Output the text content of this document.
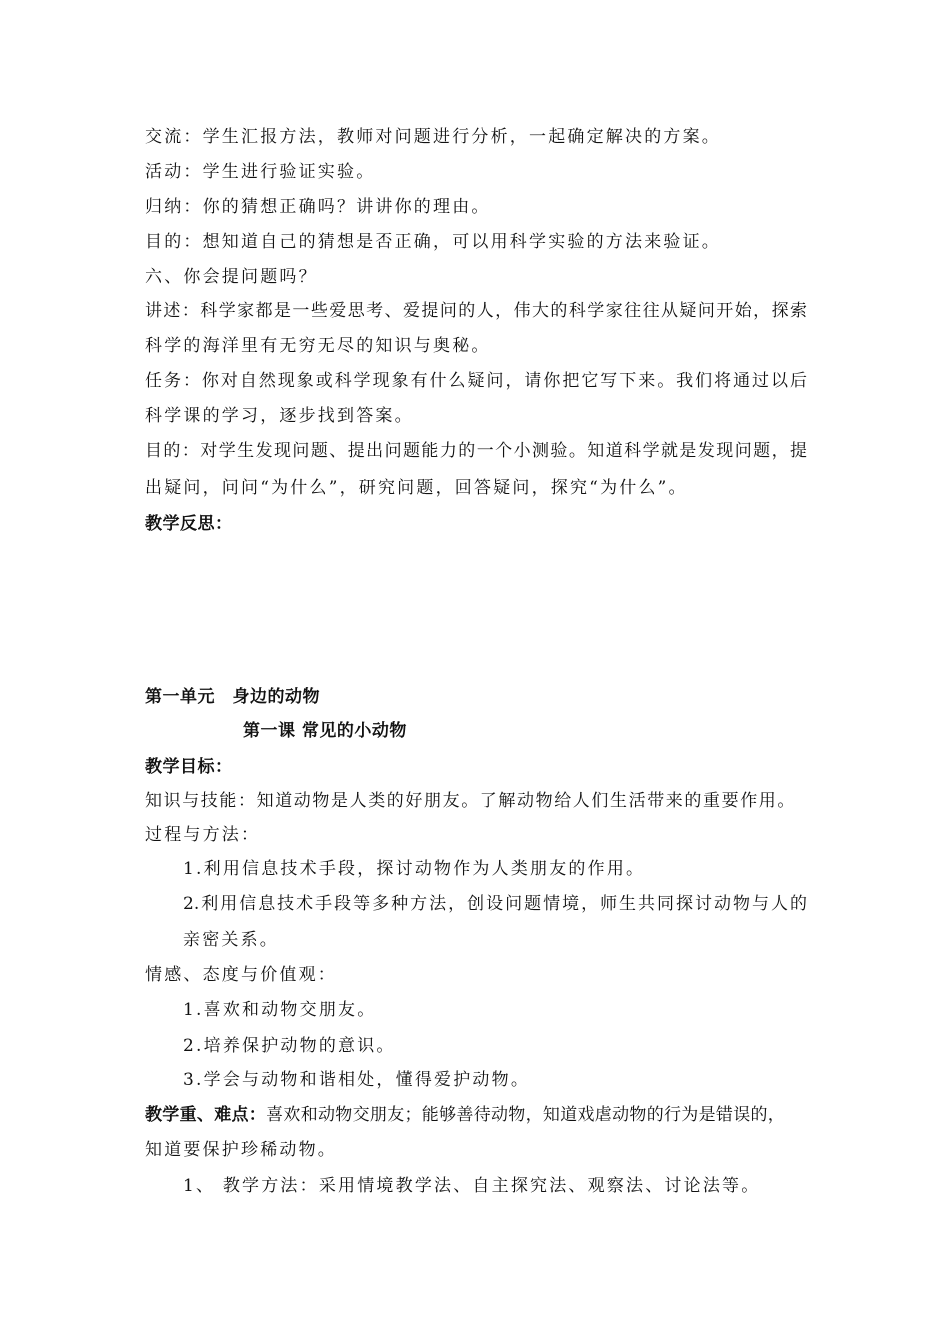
交流：学生汇报方法，教师对问题进行分析，一起确定解决的方案。
活动：学生进行验证实验。
归纳：你的猜想正确吗？讲讲你的理由。
目的：想知道自己的猜想是否正确，可以用科学实验的方法来验证。
六、你会提问题吗？
讲述：科学家都是一些爱思考、爱提问的人，伟大的科学家往往从疑问开始，探索
科学的海洋里有无穷无尽的知识与奥秘。
任务：你对自然现象或科学现象有什么疑问，请你把它写下来。我们将通过以后
科学课的学习，逐步找到答案。
目的：对学生发现问题、提出问题能力的一个小测验。知道科学就是发现问题，提
出疑问，问问“为什么”，研究问题，回答疑问，探究“为什么”。
教学反思：
第一单元　身边的动物
第一课 常见的小动物
教学目标：
知识与技能：知道动物是人类的好朋友。了解动物给人们生活带来的重要作用。
过程与方法：
1.利用信息技术手段，探讨动物作为人类朋友的作用。
2.利用信息技术手段等多种方法，创设问题情境，师生共同探讨动物与人的
亲密关系。
情感、态度与价值观：
1.喜欢和动物交朋友。
2.培养保护动物的意识。
3.学会与动物和谐相处，懂得爱护动物。
教学重、难点：喜欢和动物交朋友；能够善待动物，知道戏虐动物的行为是错误的，
知道要保护珍稀动物。
1、 教学方法：采用情境教学法、自主探究法、观察法、讨论法等。
